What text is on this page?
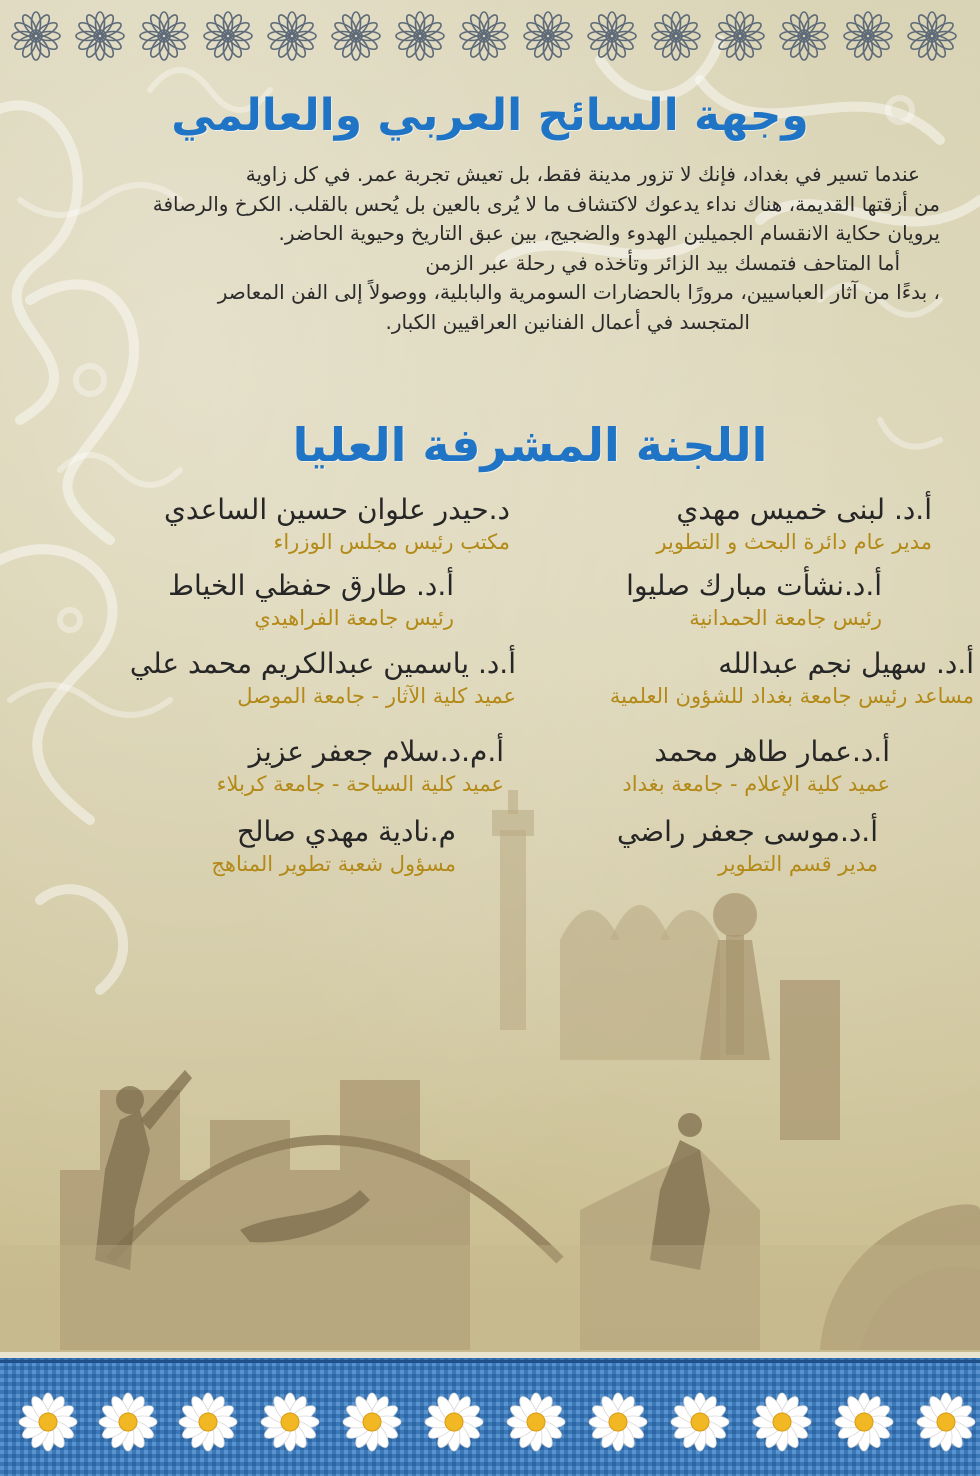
وجهة السائح العربي والعالمي
عندما تسير في بغداد، فإنك لا تزور مدينة فقط، بل تعيش تجربة عمر. في كل زاوية
من أزقتها القديمة، هناك نداء يدعوك لاكتشاف ما لا يُرى بالعين بل يُحس بالقلب. الكرخ والرصافة
يرويان حكاية الانقسام الجميلين الهدوء والضجيج، بين عبق التاريخ وحيوية الحاضر.
أما المتاحف فتمسك بيد الزائر وتأخذه في رحلة عبر الزمن
، بدءًا من آثار العباسيين، مرورًا بالحضارات السومرية والبابلية، ووصولاً إلى الفن المعاصر
المتجسد في أعمال الفنانين العراقيين الكبار.
اللجنة المشرفة العليا
أ.د. لبنى خميس مهدي
مدير عام دائرة البحث و التطوير
د.حيدر علوان حسين الساعدي
مكتب رئيس مجلس الوزراء
أ.د.نشأت مبارك صليوا
رئيس جامعة الحمدانية
أ.د. طارق حفظي الخياط
رئيس جامعة الفراهيدي
أ.د. سهيل نجم عبدالله
مساعد رئيس جامعة بغداد للشؤون العلمية
أ.د. ياسمين عبدالكريم محمد علي
عميد كلية الآثار - جامعة الموصل
أ.د.عمار طاهر محمد
عميد كلية الإعلام - جامعة بغداد
أ.م.د.سلام جعفر عزيز
عميد كلية السياحة - جامعة كربلاء
أ.د.موسى جعفر راضي
مدير قسم التطوير
م.نادية مهدي صالح
مسؤول شعبة تطوير المناهج
